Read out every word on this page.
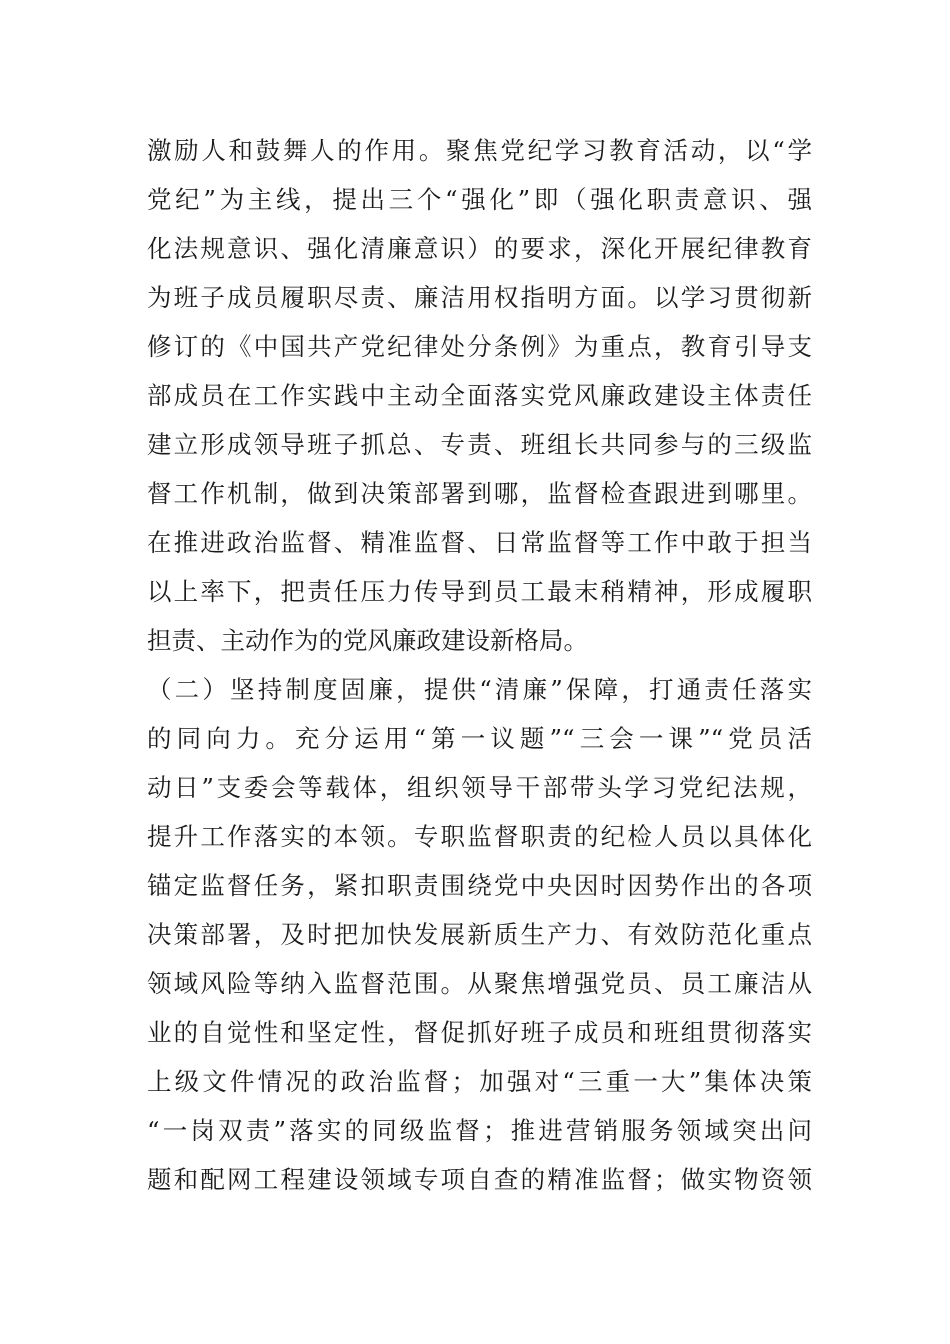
激励人和鼓舞人的作用。聚焦党纪学习教育活动，以“学
党纪”为主线，提出三个“强化”即（强化职责意识、强
化法规意识、强化清廉意识）的要求，深化开展纪律教育
为班子成员履职尽责、廉洁用权指明方面。以学习贯彻新
修订的《中国共产党纪律处分条例》为重点，教育引导支
部成员在工作实践中主动全面落实党风廉政建设主体责任
建立形成领导班子抓总、专责、班组长共同参与的三级监
督工作机制，做到决策部署到哪，监督检查跟进到哪里。
在推进政治监督、精准监督、日常监督等工作中敢于担当
以上率下，把责任压力传导到员工最末稍精神，形成履职
担责、主动作为的党风廉政建设新格局。
（二）坚持制度固廉，提供“清廉”保障，打通责任落实
的同向力。充分运用“第一议题”“三会一课”“党员活
动日”支委会等载体，组织领导干部带头学习党纪法规，
提升工作落实的本领。专职监督职责的纪检人员以具体化
锚定监督任务，紧扣职责围绕党中央因时因势作出的各项
决策部署，及时把加快发展新质生产力、有效防范化重点
领域风险等纳入监督范围。从聚焦增强党员、员工廉洁从
业的自觉性和坚定性，督促抓好班子成员和班组贯彻落实
上级文件情况的政治监督；加强对“三重一大”集体决策
“一岗双责”落实的同级监督；推进营销服务领域突出问
题和配网工程建设领域专项自查的精准监督；做实物资领
